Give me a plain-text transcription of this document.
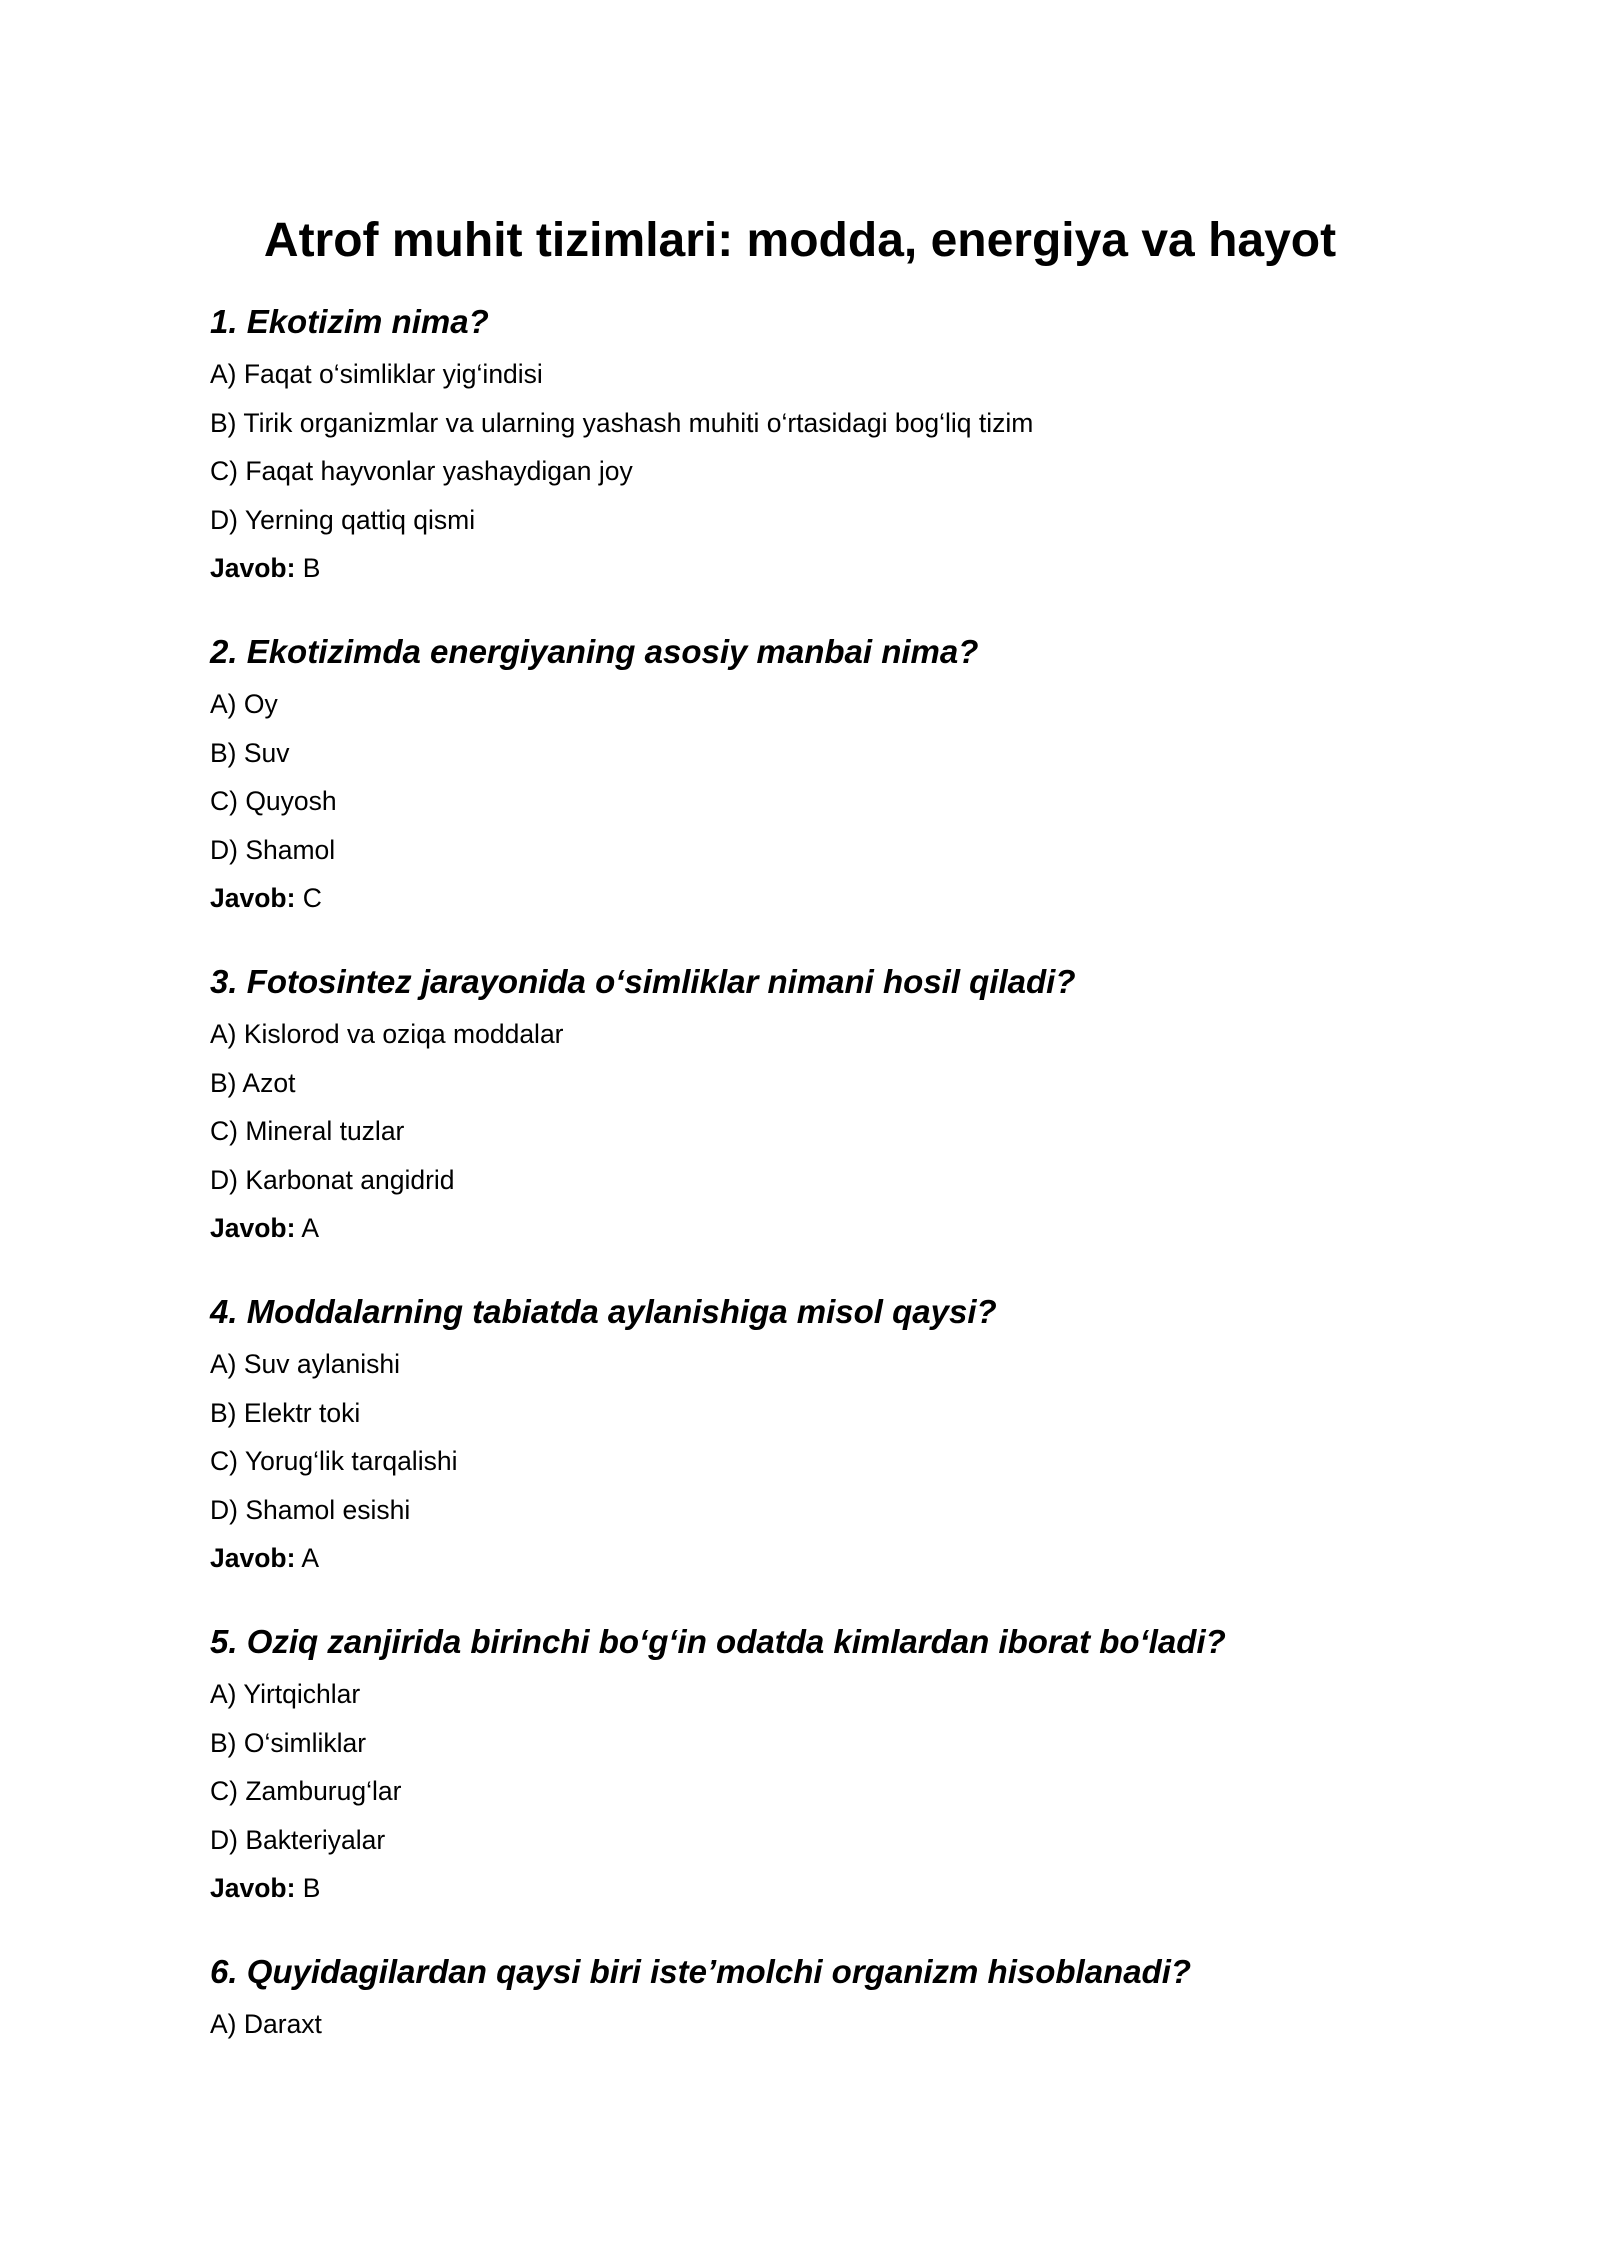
Atrof muhit tizimlari: modda, energiya va hayot
1. Ekotizim nima?
A) Faqat o‘simliklar yig‘indisi
B) Tirik organizmlar va ularning yashash muhiti o‘rtasidagi bog‘liq tizim
C) Faqat hayvonlar yashaydigan joy
D) Yerning qattiq qismi
Javob: B
2. Ekotizimda energiyaning asosiy manbai nima?
A) Oy
B) Suv
C) Quyosh
D) Shamol
Javob: C
3. Fotosintez jarayonida o‘simliklar nimani hosil qiladi?
A) Kislorod va oziqa moddalar
B) Azot
C) Mineral tuzlar
D) Karbonat angidrid
Javob: A
4. Moddalarning tabiatda aylanishiga misol qaysi?
A) Suv aylanishi
B) Elektr toki
C) Yorug‘lik tarqalishi
D) Shamol esishi
Javob: A
5. Oziq zanjirida birinchi bo‘g‘in odatda kimlardan iborat bo‘ladi?
A) Yirtqichlar
B) O‘simliklar
C) Zamburug‘lar
D) Bakteriyalar
Javob: B
6. Quyidagilardan qaysi biri iste’molchi organizm hisoblanadi?
A) Daraxt
